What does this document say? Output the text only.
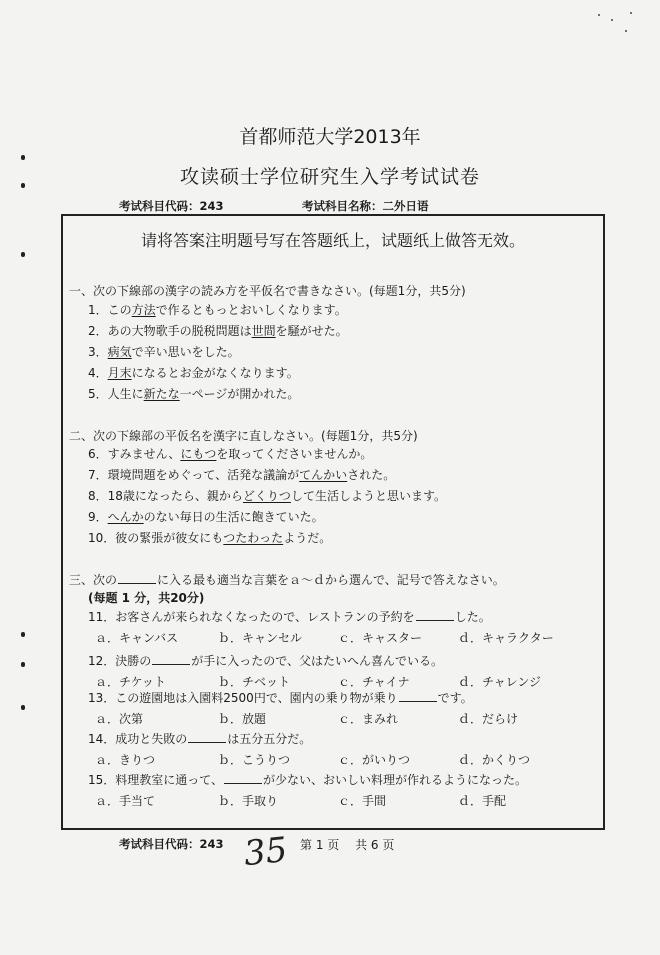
首都师范大学2013年
攻读硕士学位研究生入学考试试卷
考试科目代码：243	考试科目名称：二外日语
请将答案注明题号写在答题纸上，试题纸上做答无效。
一、次の下線部の漢字の読み方を平仮名で書きなさい。(每题1分，共5分)
1．この方法で作るともっとおいしくなります。
2．あの大物歌手の脱税問題は世間を騒がせた。
3．病気で辛い思いをした。
4．月末になるとお金がなくなります。
5．人生に新たな一ページが開かれた。
二、次の下線部の平仮名を漢字に直しなさい。(每题1分，共5分)
6．すみません、にもつを取ってくださいませんか。
7．環境問題をめぐって、活発な議論がてんかいされた。
8．18歳になったら、親からどくりつして生活しようと思います。
9．へんかのない毎日の生活に飽きていた。
10．彼の緊張が彼女にもつたわったようだ。
三、次の	に入る最も適当な言葉をａ～ｄから選んで、記号で答えなさい。
(每题 1 分，共20分)
11．お客さんが来られなくなったので、レストランの予約を	した。
ａ．キャンバス	ｂ．キャンセル	ｃ．キャスター	ｄ．キャラクター
12．決勝の	が手に入ったので、父はたいへん喜んでいる。
ａ．チケット	ｂ．チベット	ｃ．チャイナ	ｄ．チャレンジ
13．この遊園地は入園料2500円で、園内の乗り物が乗り	です。
ａ．次第	ｂ．放題	ｃ．まみれ	ｄ．だらけ
14．成功と失敗の	は五分五分だ。
ａ．きりつ	ｂ．こうりつ	ｃ．がいりつ	ｄ．かくりつ
15．料理教室に通って、	が少ない、おいしい料理が作れるようになった。
ａ．手当て	ｂ．手取り	ｃ．手間	ｄ．手配
考试科目代码：243 35 第 1 页　 共 6 页
